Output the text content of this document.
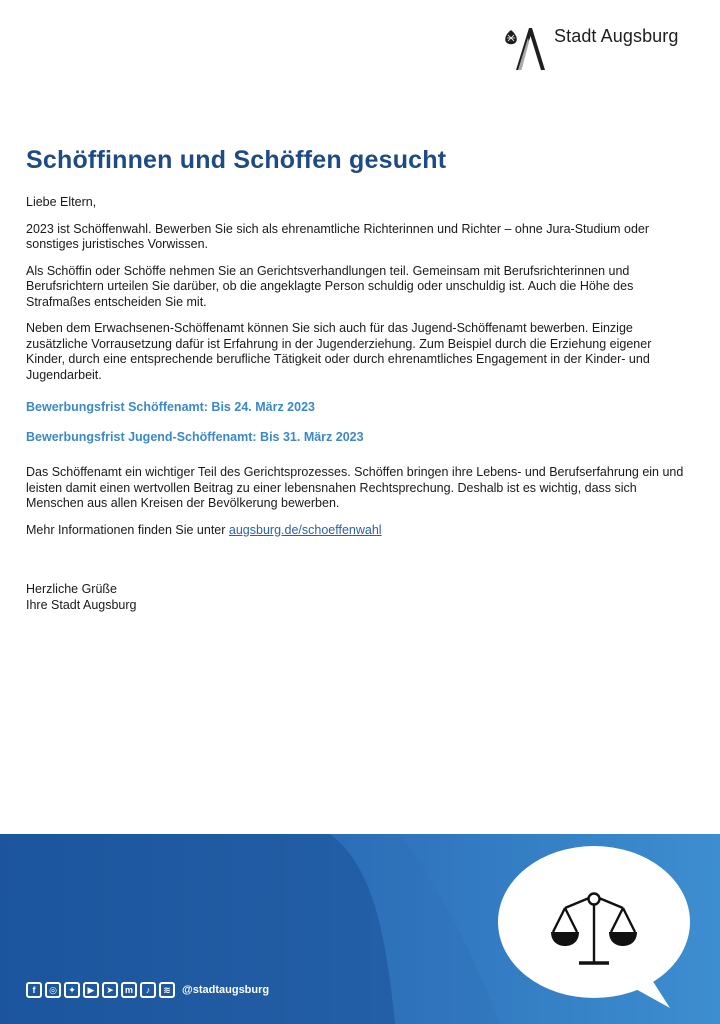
Stadt Augsburg
Schöffinnen und Schöffen gesucht

Liebe Eltern,

2023 ist Schöffenwahl. Bewerben Sie sich als ehrenamtliche Richterinnen und Richter – ohne Jura-Studium oder sonstiges juristisches Vorwissen.

Als Schöffin oder Schöffe nehmen Sie an Gerichtsverhandlungen teil. Gemeinsam mit Berufsrichterinnen und Berufsrichtern urteilen Sie darüber, ob die angeklagte Person schuldig oder unschuldig ist. Auch die Höhe des Strafmaßes entscheiden Sie mit.

Neben dem Erwachsenen-Schöffenamt können Sie sich auch für das Jugend-Schöffenamt bewerben. Einzige zusätzliche Vorrausetzung dafür ist Erfahrung in der Jugenderziehung. Zum Beispiel durch die Erziehung eigener Kinder, durch eine entsprechende berufliche Tätigkeit oder durch ehrenamtliches Engagement in der Kinder- und Jugendarbeit.

Bewerbungsfrist Schöffenamt: Bis 24. März 2023

Bewerbungsfrist Jugend-Schöffenamt: Bis 31. März 2023

Das Schöffenamt ein wichtiger Teil des Gerichtsprozesses. Schöffen bringen ihre Lebens- und Berufserfahrung ein und leisten damit einen wertvollen Beitrag zu einer lebensnahen Rechtsprechung. Deshalb ist es wichtig, dass sich Menschen aus allen Kreisen der Bevölkerung bewerben.

Mehr Informationen finden Sie unter augsburg.de/schoeffenwahl

Herzliche Grüße
Ihre Stadt Augsburg
f	◎	✦	▶	➤	m	♪	≋	@stadtaugsburg
